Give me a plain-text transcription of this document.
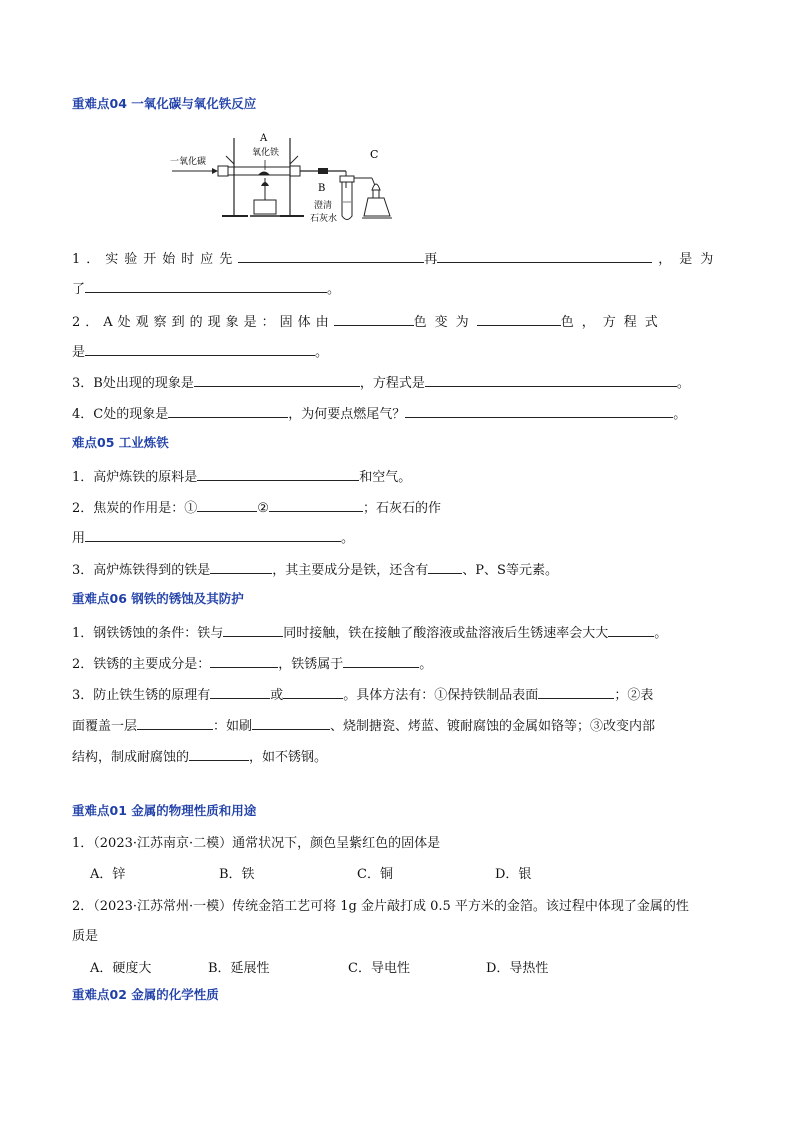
重难点04 一氧化碳与氧化铁反应
一氧化碳
A
氧化铁
B
澄清
石灰水
C
1．实验开始时应先	再	，是为
了	。
2．A处观察到的现象是：固体由	色变为	色，方程式
是	。
3．B处出现的现象是	，方程式是	。
4．C处的现象是	，为何要点燃尾气？	。
难点05 工业炼铁
1．高炉炼铁的原料是	和空气。
2．焦炭的作用是：①	②	；石灰石的作
用	。
3．高炉炼铁得到的铁是	，其主要成分是铁，还含有	、P、S等元素。
重难点06 钢铁的锈蚀及其防护
1．钢铁锈蚀的条件：铁与	同时接触，铁在接触了酸溶液或盐溶液后生锈速率会大大	。
2．铁锈的主要成分是：	，铁锈属于	。
3．防止铁生锈的原理有	或	。具体方法有：①保持铁制品表面	；②表
面覆盖一层	：如刷	、烧制搪瓷、烤蓝、镀耐腐蚀的金属如铬等；③改变内部
结构，制成耐腐蚀的	，如不锈钢。
重难点01 金属的物理性质和用途
1．（2023·江苏南京·二模）通常状况下，颜色呈紫红色的固体是
A．锌	B．铁	C．铜	D．银
2．（2023·江苏常州·一模）传统金箔工艺可将 1g 金片敲打成 0.5 平方米的金箔。该过程中体现了金属的性
质是
A．硬度大	B．延展性	C．导电性	D．导热性
重难点02 金属的化学性质
